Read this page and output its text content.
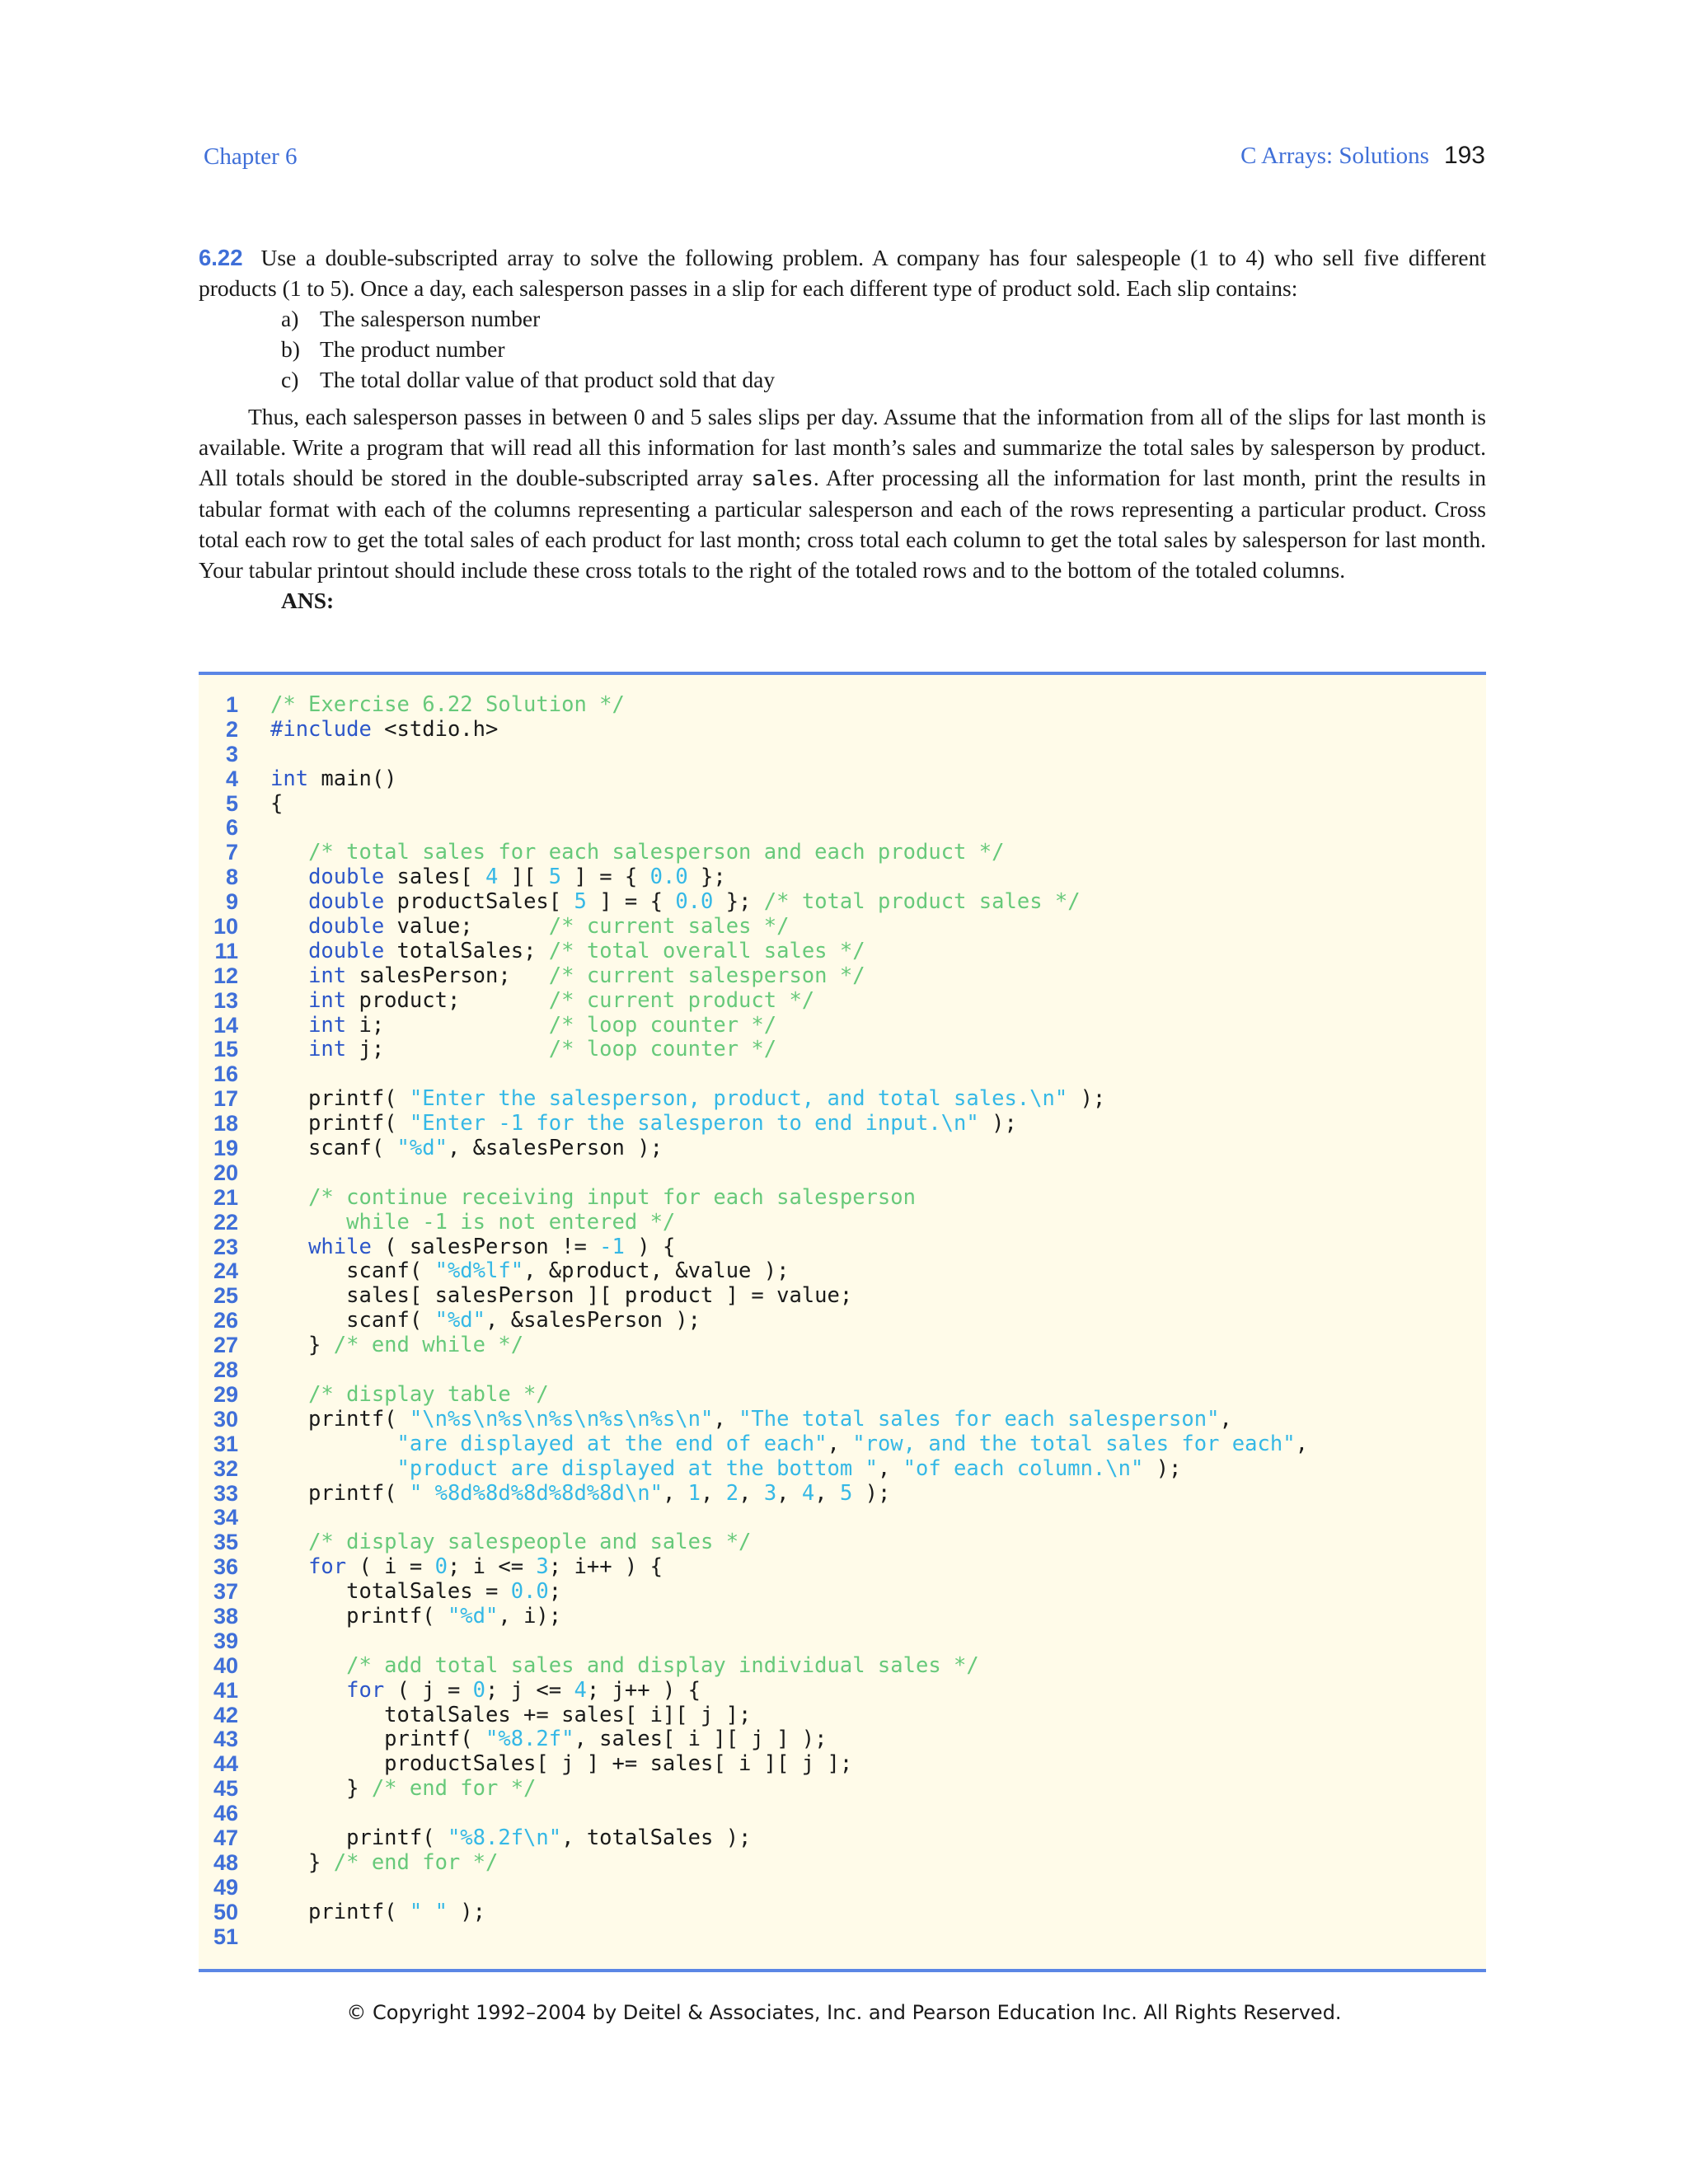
Chapter 6	C Arrays: Solutions 193
6.22 Use a double-subscripted array to solve the following problem. A company has four salespeople (1 to 4) who sell five different products (1 to 5). Once a day, each salesperson passes in a slip for each different type of product sold. Each slip contains:
a) The salesperson number
b) The product number
c) The total dollar value of that product sold that day

Thus, each salesperson passes in between 0 and 5 sales slips per day. Assume that the information from all of the slips for last month is available. Write a program that will read all this information for last month’s sales and summarize the total sales by salesperson by product. All totals should be stored in the double-subscripted array sales. After processing all the information for last month, print the results in tabular format with each of the columns representing a particular salesperson and each of the rows representing a particular product. Cross total each row to get the total sales of each product for last month; cross total each column to get the total sales by salesperson for last month. Your tabular printout should include these cross totals to the right of the totaled rows and to the bottom of the totaled columns.

ANS:
1 /* Exercise 6.22 Solution */
2 #include <stdio.h>
3
4 int main()
5 {
6
7	/* total sales for each salesperson and each product */
8	double sales[ 4 ][ 5 ] = { 0.0 };
9	double productSales[ 5 ] = { 0.0 }; /* total product sales */
10	double value;      /* current sales */
11	double totalSales; /* total overall sales */
12	int salesPerson;   /* current salesperson */
13	int product;       /* current product */
14	int i;             /* loop counter */
15	int j;             /* loop counter */
16
17 printf( "Enter the salesperson, product, and total sales.\n" );
18 printf( "Enter -1 for the salesperon to end input.\n" );
19 scanf( "%d", &salesPerson );
20
21	/* continue receiving input for each salesperson
22 while -1 is not entered */
23	while ( salesPerson != -1 ) {
24 scanf( "%d%lf", &product, &value );
25 sales[ salesPerson ][ product ] = value;
26 scanf( "%d", &salesPerson );
27 } /* end while */
28
29	/* display table */
30 printf( "\n%s\n%s\n%s\n%s\n%s\n", "The total sales for each salesperson",
31	"are displayed at the end of each", "row, and the total sales for each",
32	"product are displayed at the bottom ", "of each column.\n" );
33 printf( " %8d%8d%8d%8d%8d\n", 1, 2, 3, 4, 5 );
34
35	/* display salespeople and sales */
36	for ( i = 0; i <= 3; i++ ) {
37 totalSales = 0.0;
38 printf( "%d", i);
39
40	/* add total sales and display individual sales */
41	for ( j = 0; j <= 4; j++ ) {
42 totalSales += sales[ i][ j ];
43 printf( "%8.2f", sales[ i ][ j ] );
44 productSales[ j ] += sales[ i ][ j ];
45 } /* end for */
46
47 printf( "%8.2f\n", totalSales );
48 } /* end for */
49
50 printf( " " );
51
© Copyright 1992–2004 by Deitel & Associates, Inc. and Pearson Education Inc. All Rights Reserved.
